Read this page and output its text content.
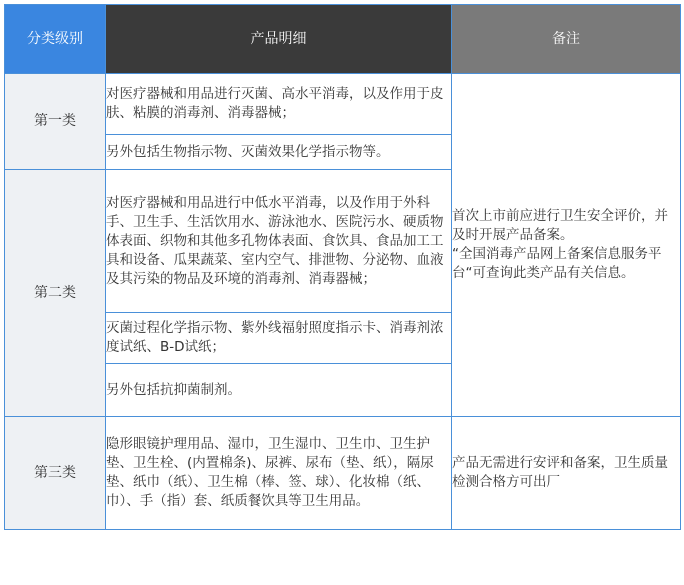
分类级别	产品明细	备注
第一类	对医疗器械和用品进行灭菌、高水平消毒，以及作用于皮肤、粘膜的消毒剂、消毒器械；	首次上市前应进行卫生安全评价，并及时开展产品备案。
“全国消毒产品网上备案信息服务平台“可查询此类产品有关信息。

	另外包括生物指示物、灭菌效果化学指示物等。	
第二类	对医疗器械和用品进行中低水平消毒，以及作用于外科手、卫生手、生活饮用水、游泳池水、医院污水、硬质物体表面、织物和其他多孔物体表面、食饮具、食品加工工具和设备、瓜果蔬菜、室内空气、排泄物、分泌物、血液及其污染的物品及环境的消毒剂、消毒器械；	
	灭菌过程化学指示物、紫外线福射照度指示卡、消毒剂浓度试纸、B-D试纸；	
	另外包括抗抑菌制剂。	
第三类	隐形眼镜护理用品、湿巾，卫生湿巾、卫生巾、卫生护垫、卫生栓、(内置棉条)、尿裤、尿布（垫、纸），隔尿垫、纸巾（纸）、卫生棉（棒、签、球）、化妆棉（纸、巾）、手（指）套、纸质餐饮具等卫生用品。	产品无需进行安评和备案，卫生质量检测合格方可出厂
